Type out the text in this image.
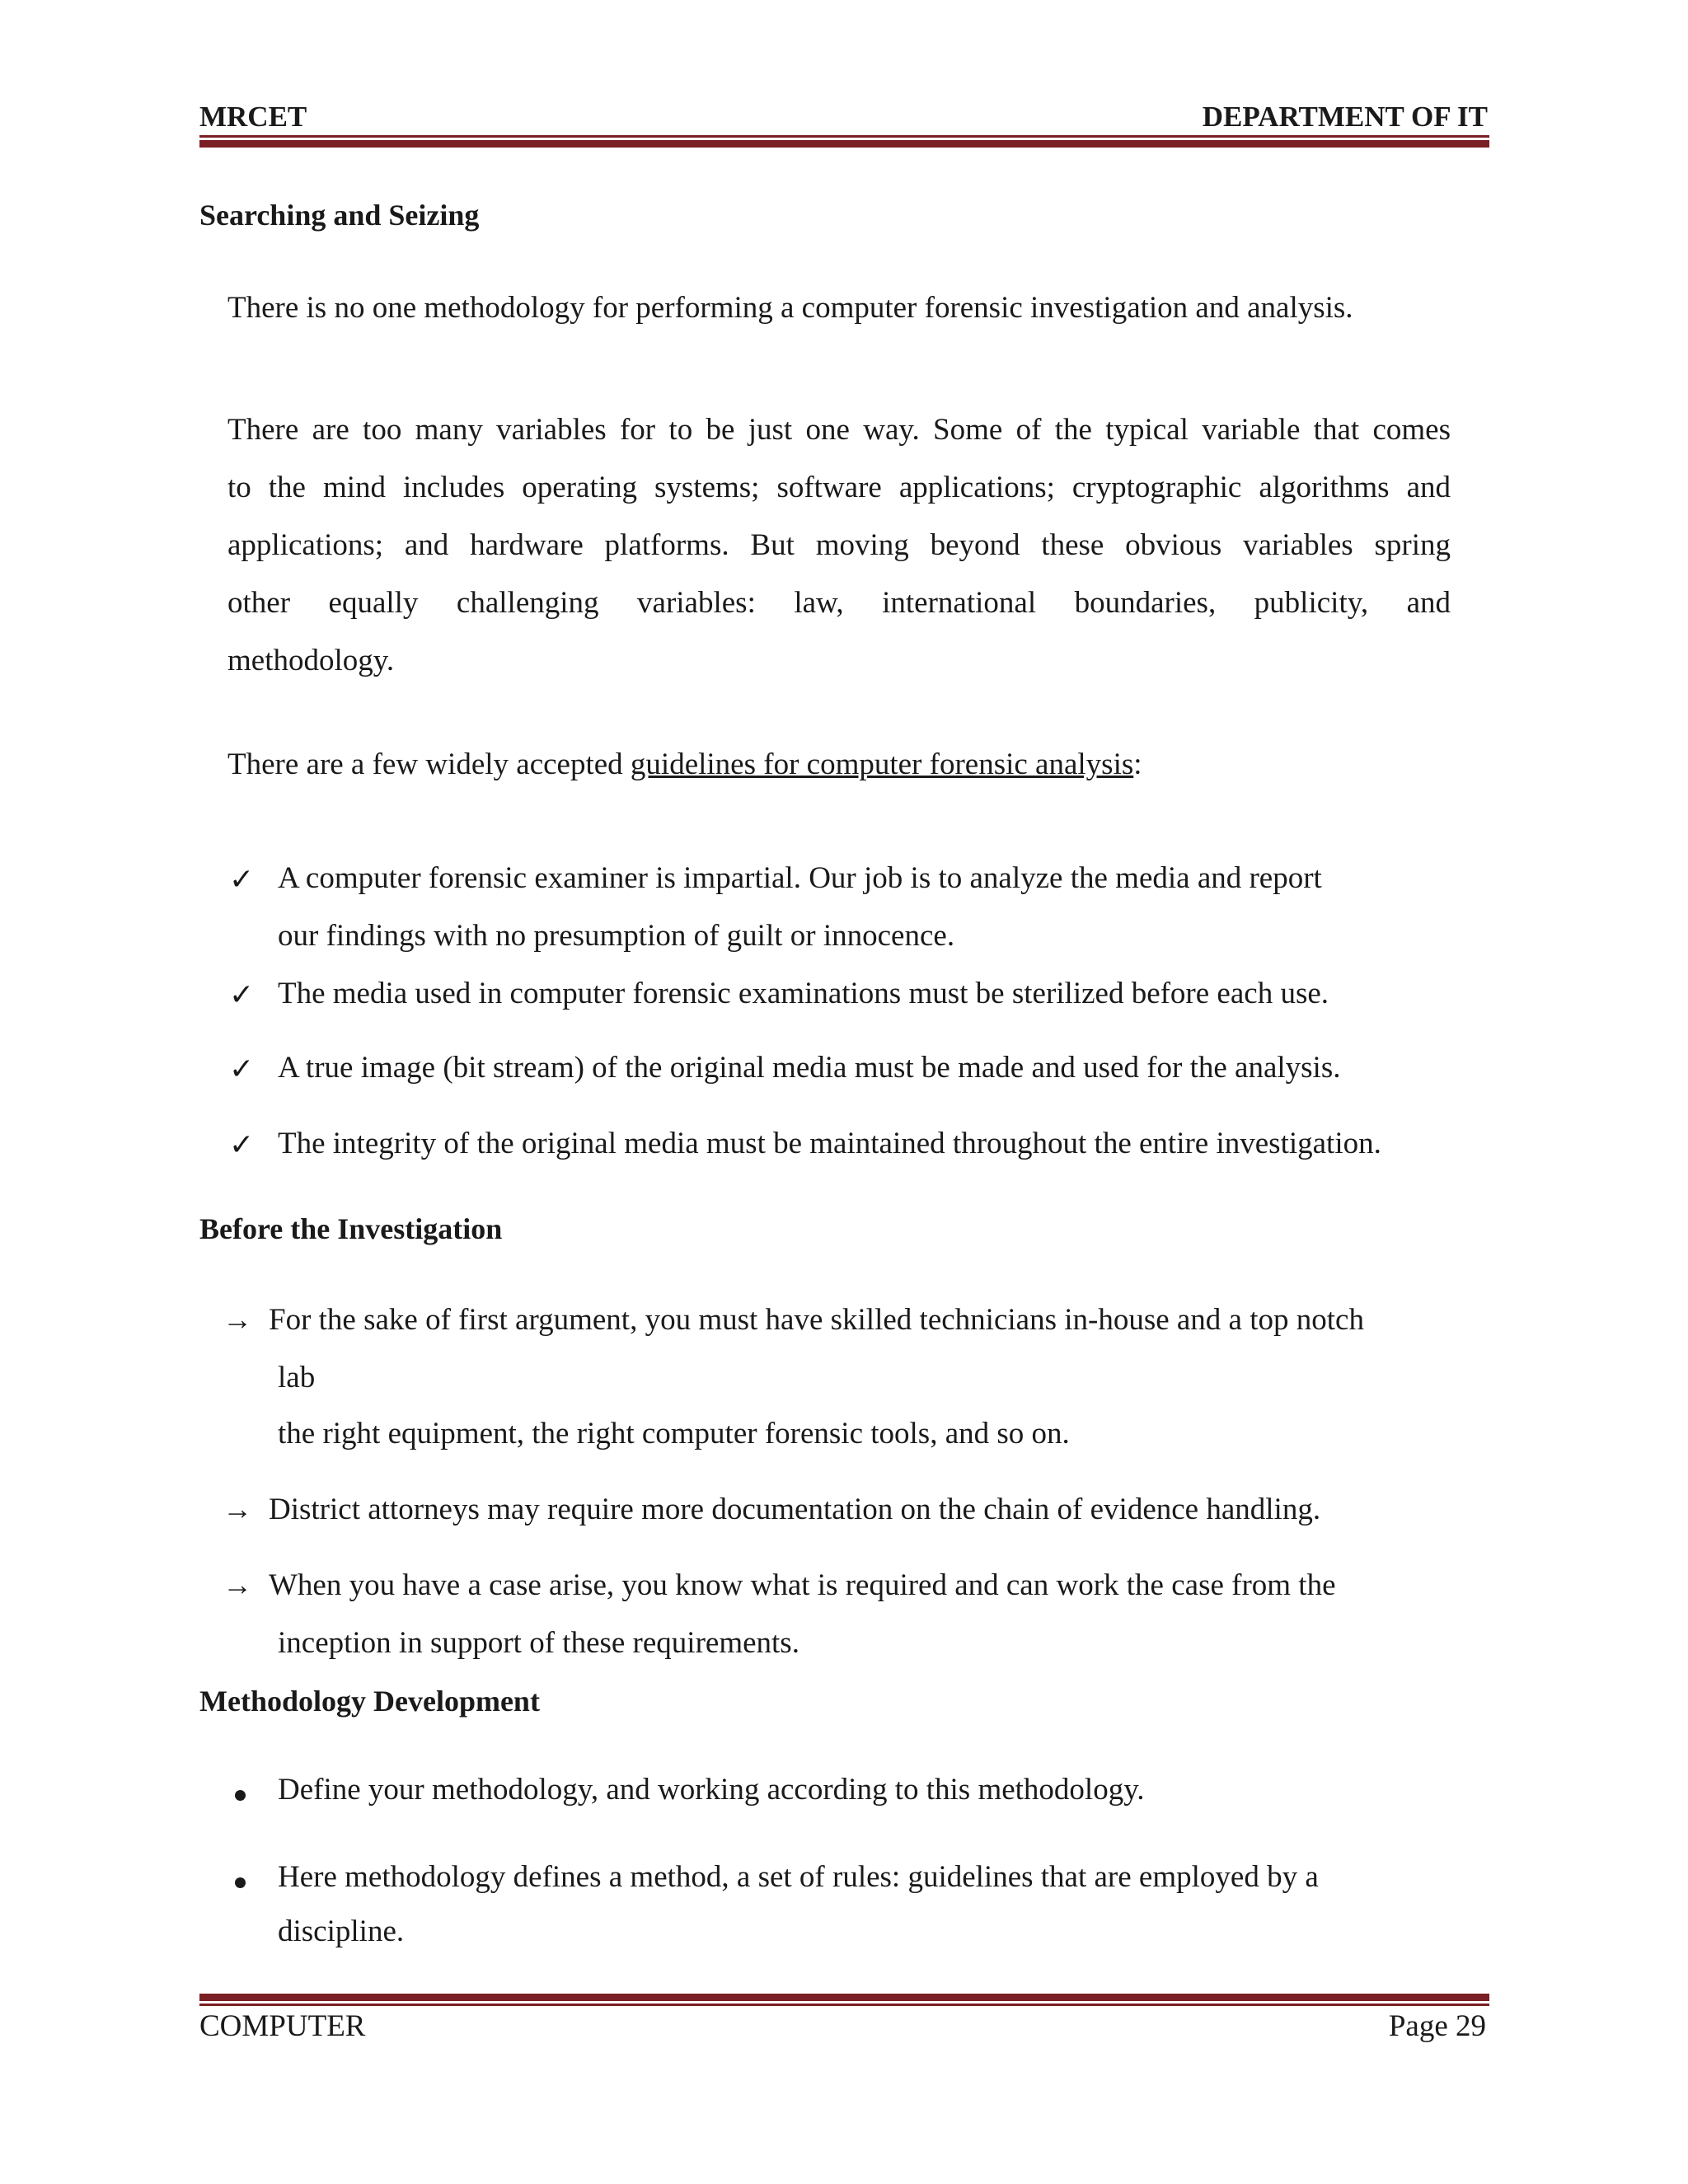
MRCET	DEPARTMENT OF IT
Searching and Seizing
There is no one methodology for performing a computer forensic investigation and analysis.
There are too many variables for to be just one way. Some of the typical variable that comes
to the mind includes operating systems; software applications; cryptographic algorithms and
applications; and hardware platforms. But moving beyond these obvious variables spring
other equally challenging variables: law, international boundaries, publicity, and
methodology.
There are a few widely accepted guidelines for computer forensic analysis:
✓ A computer forensic examiner is impartial. Our job is to analyze the media and report
our findings with no presumption of guilt or innocence.
✓ The media used in computer forensic examinations must be sterilized before each use.
✓ A true image (bit stream) of the original media must be made and used for the analysis.
✓ The integrity of the original media must be maintained throughout the entire investigation.
Before the Investigation
→ For the sake of first argument, you must have skilled technicians in-house and a top notch
lab
the right equipment, the right computer forensic tools, and so on.
→ District attorneys may require more documentation on the chain of evidence handling.
→ When you have a case arise, you know what is required and can work the case from the
inception in support of these requirements.
Methodology Development
Define your methodology, and working according to this methodology.
Here methodology defines a method, a set of rules: guidelines that are employed by a
discipline.
COMPUTER	Page 29
